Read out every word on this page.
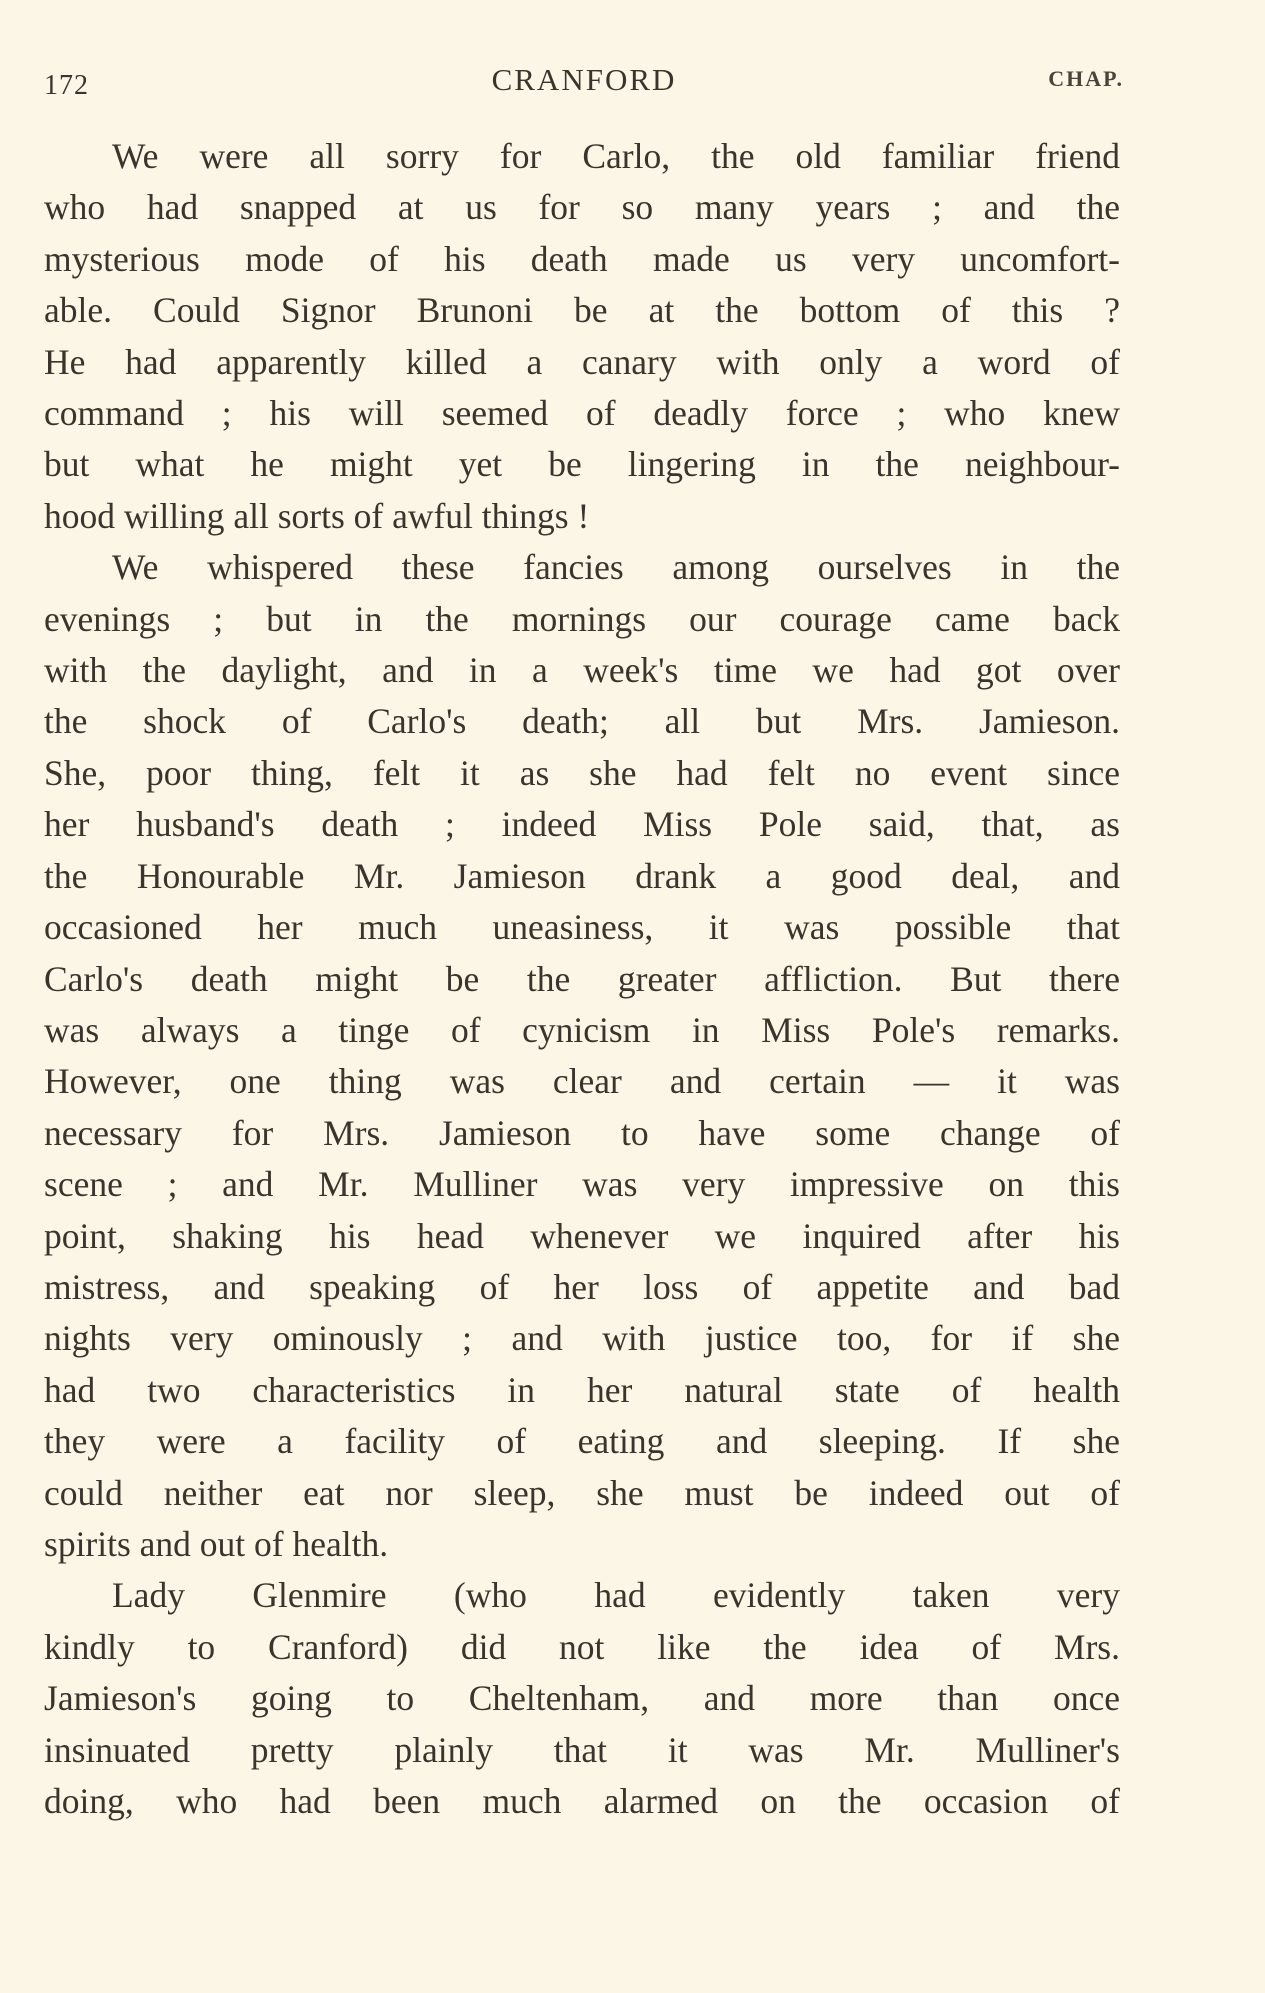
172	CRANFORD	CHAP.
We were all sorry for Carlo, the old familiar friend
who had snapped at us for so many years ; and the
mysterious mode of his death made us very uncomfort-
able. Could Signor Brunoni be at the bottom of this ?
He had apparently killed a canary with only a word of
command ; his will seemed of deadly force ; who knew
but what he might yet be lingering in the neighbour-
hood willing all sorts of awful things !
We whispered these fancies among ourselves in the
evenings ; but in the mornings our courage came back
with the daylight, and in a week's time we had got over
the shock of Carlo's death; all but Mrs. Jamieson.
She, poor thing, felt it as she had felt no event since
her husband's death ; indeed Miss Pole said, that, as
the Honourable Mr. Jamieson drank a good deal, and
occasioned her much uneasiness, it was possible that
Carlo's death might be the greater affliction. But there
was always a tinge of cynicism in Miss Pole's remarks.
However, one thing was clear and certain — it was
necessary for Mrs. Jamieson to have some change of
scene ; and Mr. Mulliner was very impressive on this
point, shaking his head whenever we inquired after his
mistress, and speaking of her loss of appetite and bad
nights very ominously ; and with justice too, for if she
had two characteristics in her natural state of health
they were a facility of eating and sleeping. If she
could neither eat nor sleep, she must be indeed out of
spirits and out of health.
Lady Glenmire (who had evidently taken very
kindly to Cranford) did not like the idea of Mrs.
Jamieson's going to Cheltenham, and more than once
insinuated pretty plainly that it was Mr. Mulliner's
doing, who had been much alarmed on the occasion of
